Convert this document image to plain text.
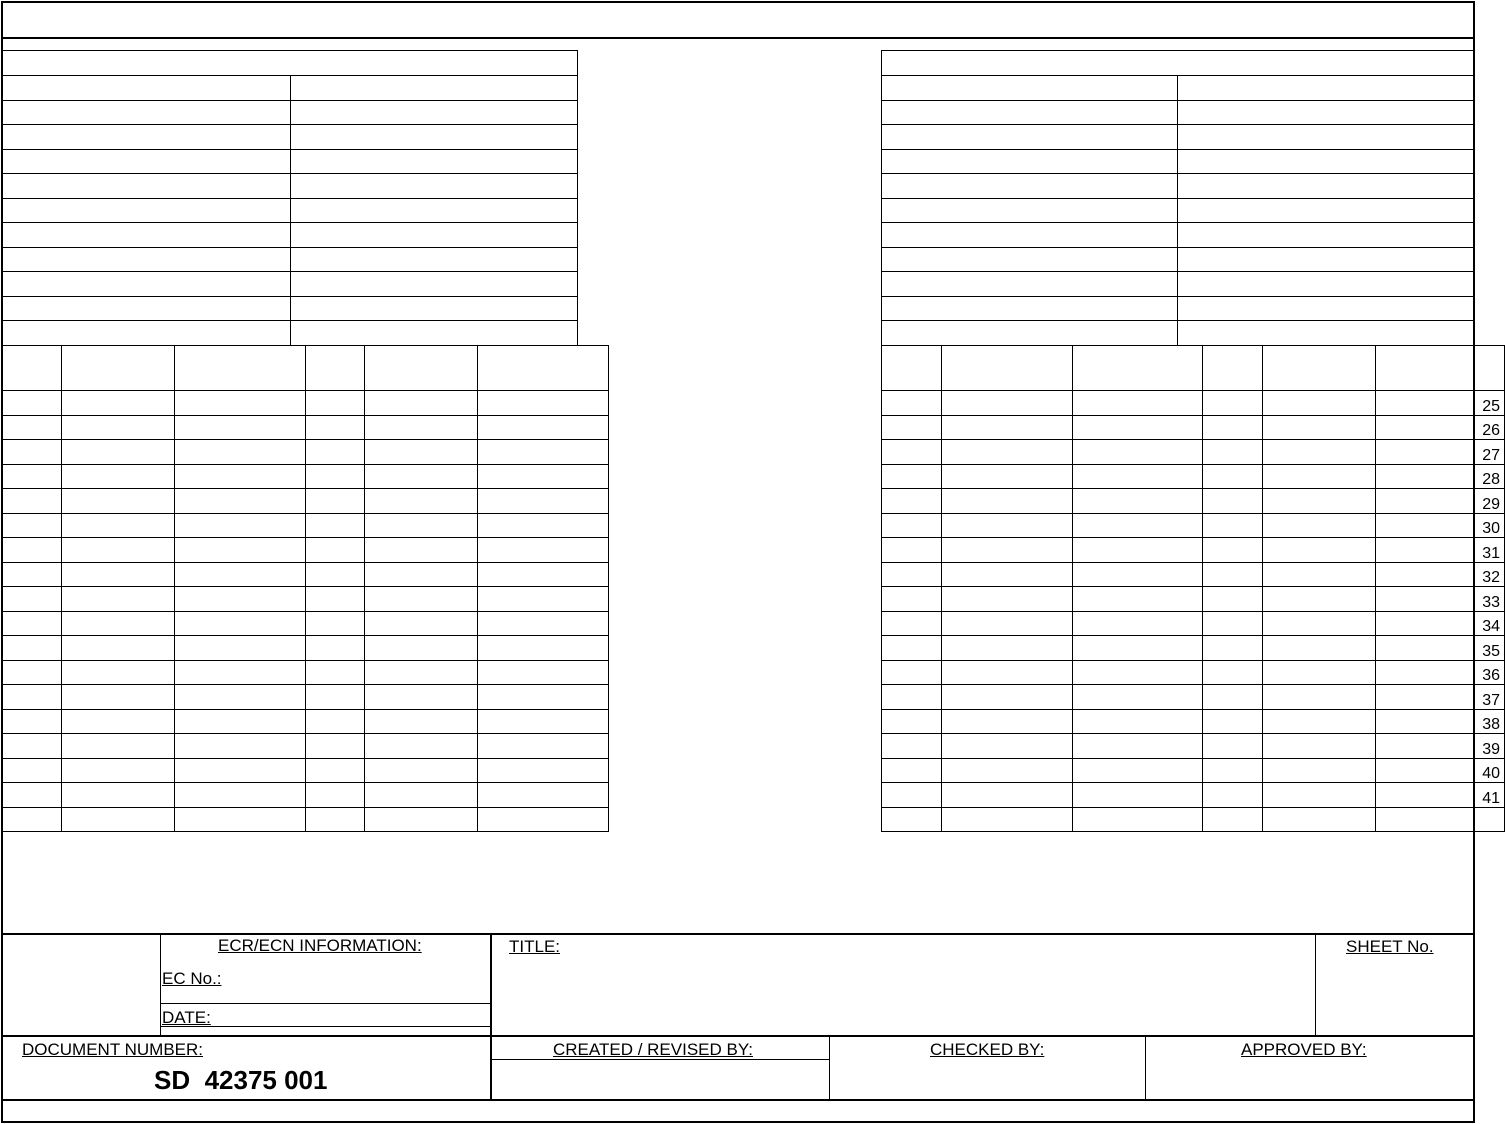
					25
					26
					27
					28
					29
					30
					31
					32
					33
					34
					35
					36
					37
					38
					39
					40
					41

ECR/ECN INFORMATION:
EC No.:
DATE:
TITLE:	SHEET No.
DOCUMENT NUMBER:
SD  42375 001
CREATED / REVISED BY:	CHECKED BY:	APPROVED BY:
